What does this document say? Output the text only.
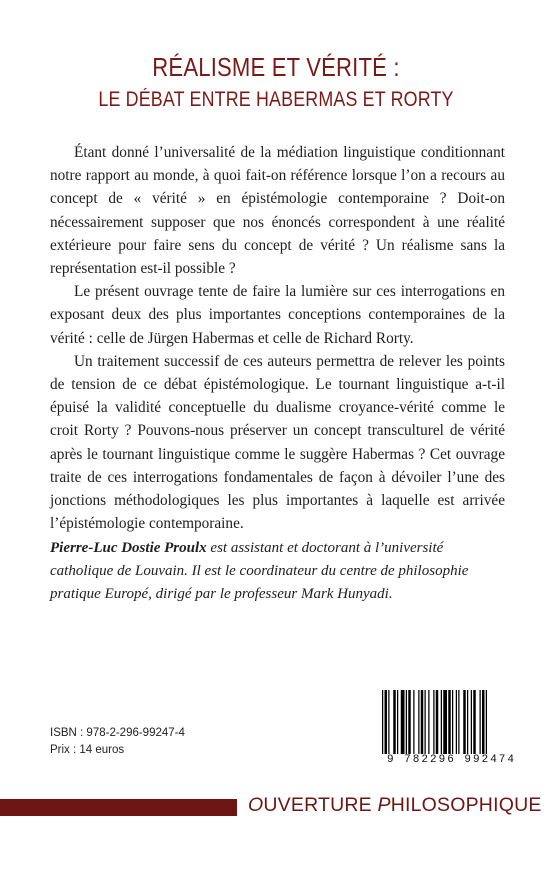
RÉALISME ET VÉRITÉ :
LE DÉBAT ENTRE HABERMAS ET RORTY

Étant donné l’universalité de la médiation linguistique conditionnant notre rapport au monde, à quoi fait-on référence lorsque l’on a recours au concept de « vérité » en épistémologie contemporaine ? Doit-on nécessairement supposer que nos énoncés correspondent à une réalité extérieure pour faire sens du concept de vérité ? Un réalisme sans la représentation est-il possible ?

Le présent ouvrage tente de faire la lumière sur ces interrogations en exposant deux des plus importantes conceptions contemporaines de la vérité : celle de Jürgen Habermas et celle de Richard Rorty.

Un traitement successif de ces auteurs permettra de relever les points de tension de ce débat épistémologique. Le tournant linguistique a-t-il épuisé la validité conceptuelle du dualisme croyance-vérité comme le croit Rorty ? Pouvons-nous préserver un concept transculturel de vérité après le tournant linguistique comme le suggère Habermas ? Cet ouvrage traite de ces interrogations fondamentales de façon à dévoiler l’une des jonctions méthodologiques les plus importantes à laquelle est arrivée l’épistémologie contemporaine.

Pierre-Luc Dostie Proulx est assistant et doctorant à l’université catholique de Louvain. Il est le coordinateur du centre de philosophie pratique Europé, dirigé par le professeur Mark Hunyadi.
ISBN : 978-2-296-99247-4
Prix : 14 euros
9 782296 992474
OUVERTURE PHILOSOPHIQUE
